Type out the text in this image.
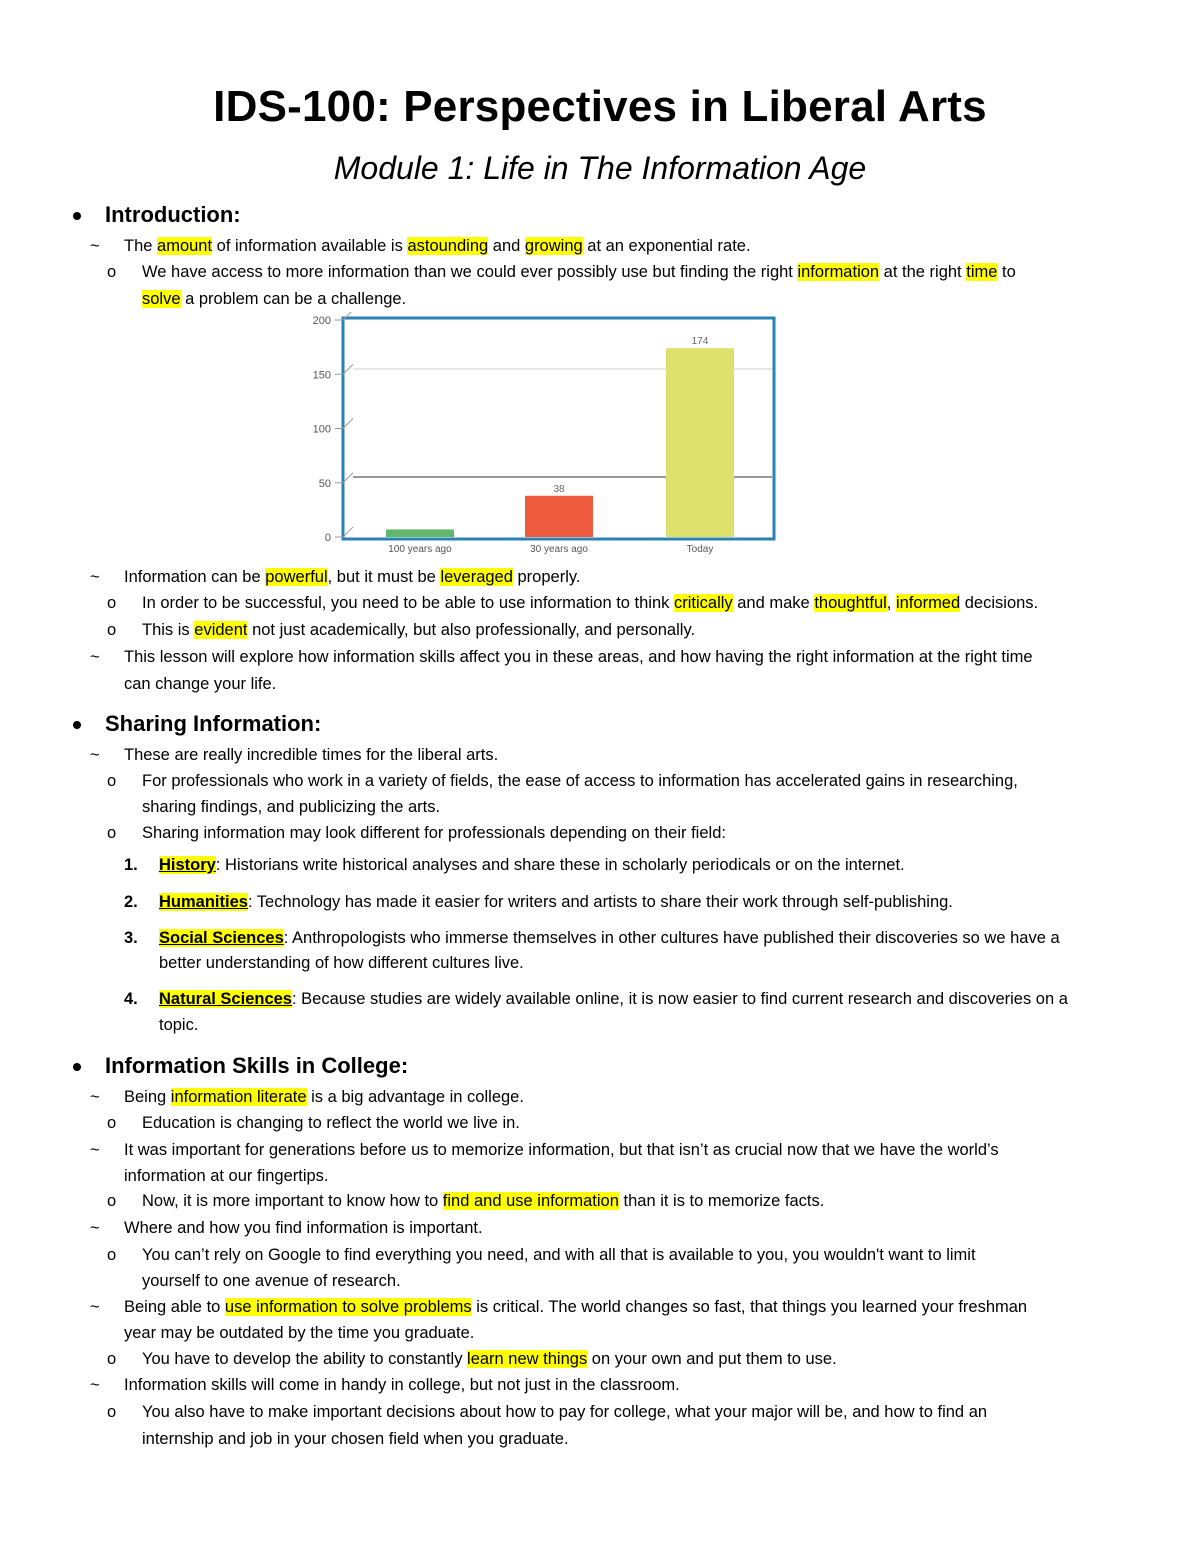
IDS-100: Perspectives in Liberal Arts
Module 1: Life in The Information Age
Introduction:
~ The amount of information available is astounding and growing at an exponential rate.
o We have access to more information than we could ever possibly use but finding the right information at the right time to
solve a problem can be a challenge.
0
50
100
150
200
100 years ago
38
30 years ago
174
Today
~ Information can be powerful, but it must be leveraged properly.
o In order to be successful, you need to be able to use information to think critically and make thoughtful, informed decisions.
o This is evident not just academically, but also professionally, and personally.
~ This lesson will explore how information skills affect you in these areas, and how having the right information at the right time
can change your life.
Sharing Information:
~ These are really incredible times for the liberal arts.
o For professionals who work in a variety of fields, the ease of access to information has accelerated gains in researching,
sharing findings, and publicizing the arts.
o Sharing information may look different for professionals depending on their field:
1. History: Historians write historical analyses and share these in scholarly periodicals or on the internet.
2. Humanities: Technology has made it easier for writers and artists to share their work through self-publishing.
3. Social Sciences: Anthropologists who immerse themselves in other cultures have published their discoveries so we have a
better understanding of how different cultures live.
4. Natural Sciences: Because studies are widely available online, it is now easier to find current research and discoveries on a
topic.
Information Skills in College:
~ Being information literate is a big advantage in college.
o Education is changing to reflect the world we live in.
~ It was important for generations before us to memorize information, but that isn’t as crucial now that we have the world’s
information at our fingertips.
o Now, it is more important to know how to find and use information than it is to memorize facts.
~ Where and how you find information is important.
o You can’t rely on Google to find everything you need, and with all that is available to you, you wouldn't want to limit
yourself to one avenue of research.
~ Being able to use information to solve problems is critical. The world changes so fast, that things you learned your freshman
year may be outdated by the time you graduate.
o You have to develop the ability to constantly learn new things on your own and put them to use.
~ Information skills will come in handy in college, but not just in the classroom.
o You also have to make important decisions about how to pay for college, what your major will be, and how to find an
internship and job in your chosen field when you graduate.
